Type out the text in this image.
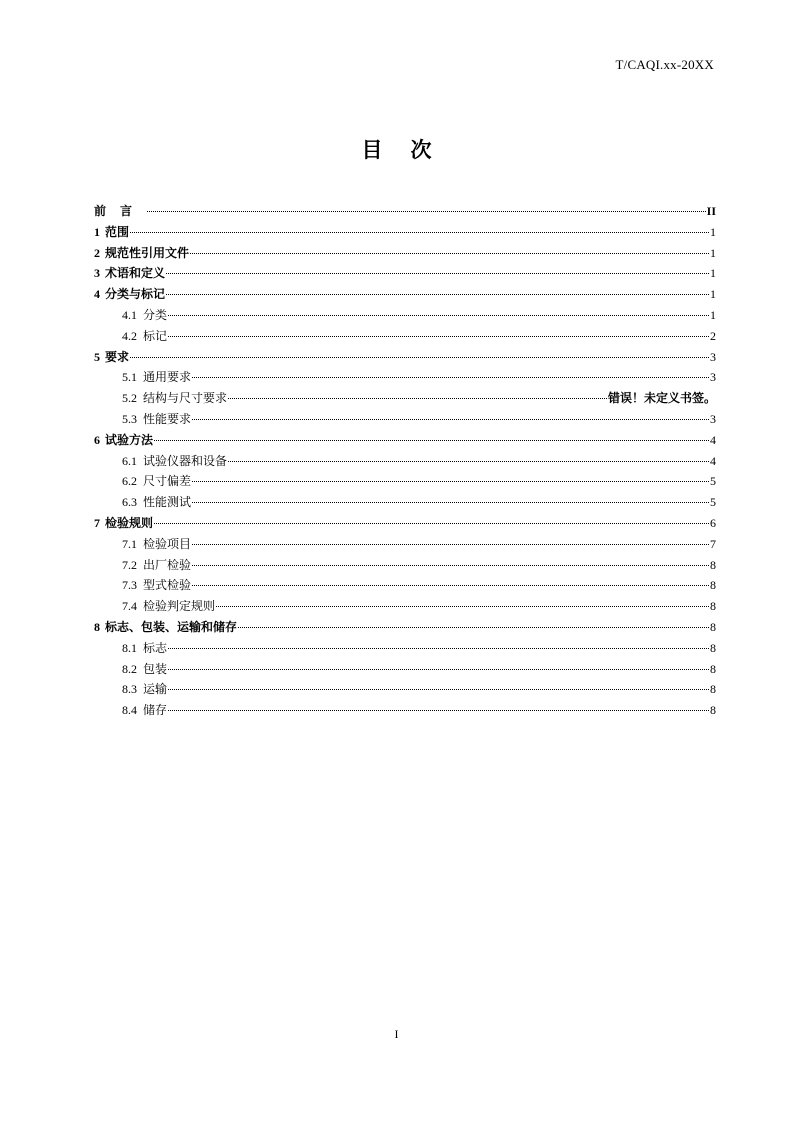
T/CAQI.xx-20XX
目次
前言	II
1 范围	1
2 规范性引用文件	1
3 术语和定义	1
4 分类与标记	1
4.1 分类	1
4.2 标记	2
5 要求	3
5.1 通用要求	3
5.2 结构与尺寸要求	错误！未定义书签。
5.3 性能要求	3
6 试验方法	4
6.1 试验仪器和设备	4
6.2 尺寸偏差	5
6.3 性能测试	5
7 检验规则	6
7.1 检验项目	7
7.2 出厂检验	8
7.3 型式检验	8
7.4 检验判定规则	8
8 标志、包装、运输和储存	8
8.1 标志	8
8.2 包装	8
8.3 运输	8
8.4 储存	8
I
